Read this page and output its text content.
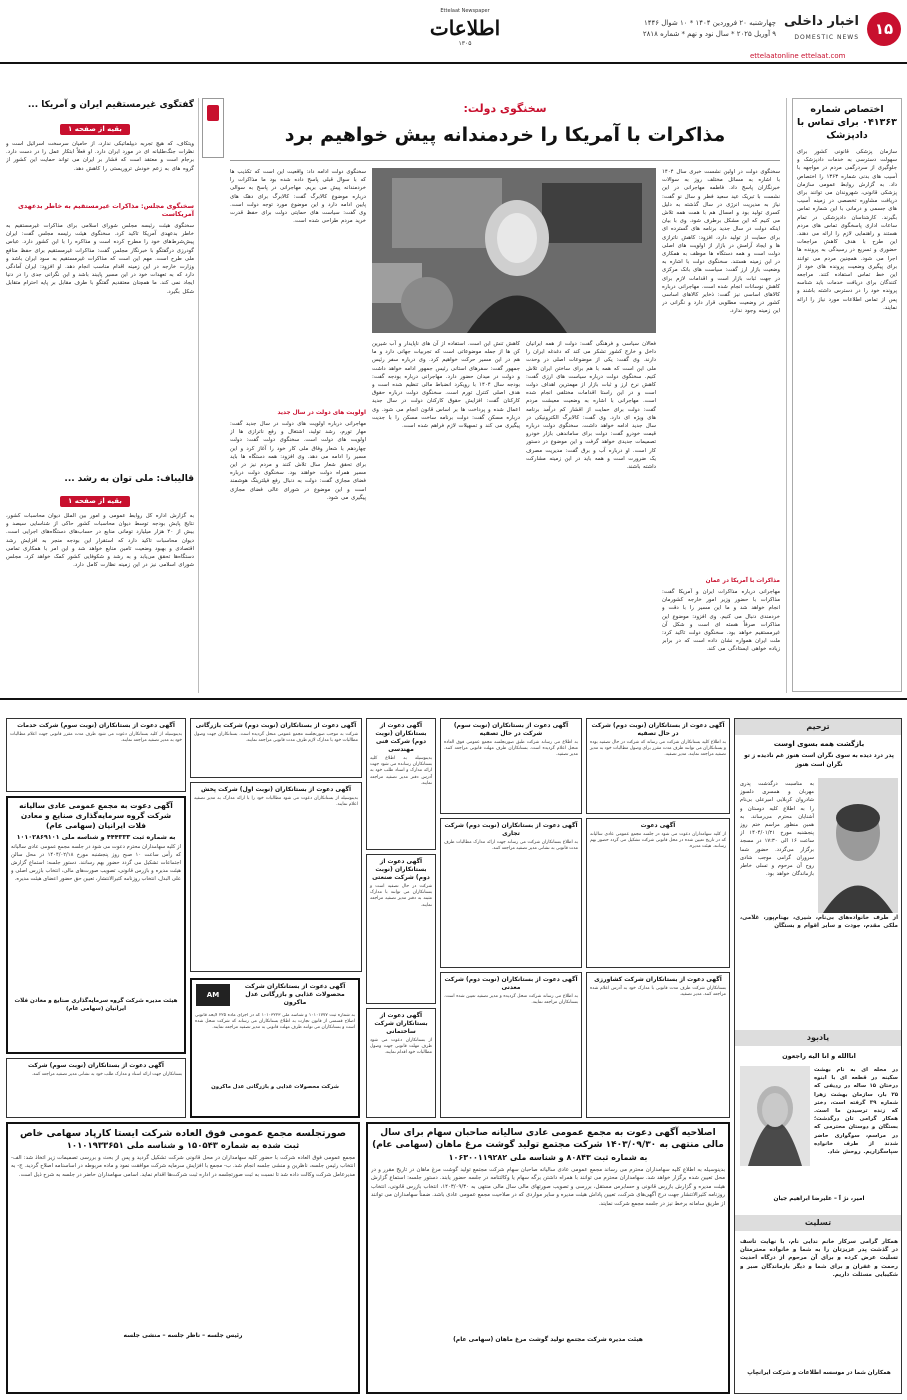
۱۵
اخبار داخلی
DOMESTIC NEWS
Ettelaat Newspaper
اطلاعات
۱۳۰۵
چهارشنبه ۲۰ فروردین ۱۴۰۴ * ۱۰ شوال ۱۴۴۶
۹ آوریل ۲۰۲۵ * سال نود و نهم * شماره ۲۸۱۸
ettelaatonline ettelaat.com
گفتگوی غیرمستقیم ایران و آمریکا ...
بقیه از صفحه ۱
ویتکاف، که هیچ تجربه دیپلماتیکی ندارد، از حامیان سرسخت اسرائیل است و نظرات جنگ‌طلبانه ای در مورد ایران دارد. او فعلاً ابتکار عمل را در دست دارد. برجام است و معتقد است که فشار بر ایران می تواند حمایت این کشور از گروه های به زعم خودش تروریستی را کاهش دهد.
سخنگوی مجلس: مذاکرات غیرمستقیم به خاطر بدعهدی آمریکاست
سخنگوی هیئت رئیسه مجلس شورای اسلامی برای مذاکرات غیرمستقیم به خاطر بدعهدی آمریکا تاکید کرد. سخنگوی هیئت رئیسه مجلس گفت: ایران پیش‌شرط‌های خود را مطرح کرده است و مذاکره را با این کشور دارد. عباس گودرزی درگفتگو با خبرنگار مجلس گفت: مذاکرات غیرمستقیم برای حفظ منافع ملی طرح است. مهم این است که مذاکرات غیرمستقیم به سود ایران باشد و وزارت خارجه در این زمینه اقدام مناسب انجام دهد. او افزود: ایران آمادگی دارد که به تعهدات خود در این مسیر پایبند باشد و این نگرانی جدی را در دنیا ایجاد نمی کند. ما همچنان معتقدیم گفتگو با طرف مقابل بر پایه احترام متقابل شکل بگیرد.
قالیباف: ملی توان به رشد ...
بقیه از صفحه ۱
به گزارش اداره کل روابط عمومی و امور بین الملل دیوان محاسبات کشور، نتایج پایش بودجه توسط دیوان محاسبات کشور حاکی از شناسایی سیصد و بیش از ۲۰ هزار میلیارد تومانی منابع در حساب‌های دستگاه‌های اجرایی است. دیوان محاسبات تاکید دارد که استقرار این بودجه منجر به افزایش رشد اقتصادی و بهبود وضعیت تامین منابع خواهد شد و این امر با همکاری تمامی دستگاه‌ها تحقق می‌یابد و به رشد و شکوفایی کشور کمک خواهد کرد. مجلس شورای اسلامی نیز در این زمینه نظارت کامل دارد.
سخنگوی دولت:
مذاکرات با آمریکا را خردمندانه پیش خواهیم برد
سخنگوی دولت در اولین نشست خبری سال ۱۴۰۴ با اشاره به مسائل مختلف روز به سوالات خبرنگاران پاسخ داد. فاطمه مهاجرانی در این نشست با تبریک عید سعید فطر و سال نو گفت: نیاز به مدیریت انرژی در سال گذشته به دلیل کسری تولید بود و امسال هم با همت همه تلاش می کنیم که این مشکل برطرف شود. وی با بیان اینکه دولت در سال جدید برنامه های گسترده ای برای حمایت از تولید دارد، افزود: کاهش ناترازی ها و ایجاد آرامش در بازار از اولویت های اصلی دولت است و همه دستگاه ها موظف به همکاری در این زمینه هستند. سخنگوی دولت با اشاره به وضعیت بازار ارز گفت: سیاست های بانک مرکزی در جهت ثبات بازار است و اقدامات لازم برای کاهش نوسانات انجام شده است. مهاجرانی درباره کالاهای اساسی نیز گفت: ذخایر کالاهای اساسی کشور در وضعیت مطلوبی قرار دارد و نگرانی در این زمینه وجود ندارد.
مذاکرات با آمریکا در عمان
مهاجرانی درباره مذاکرات ایران و آمریکا گفت: مذاکرات با حضور وزیر امور خارجه کشورمان انجام خواهد شد و ما این مسیر را با دقت و خردمندی دنبال می کنیم. وی افزود: موضوع این مذاکرات صرفاً هسته ای است و شکل آن غیرمستقیم خواهد بود. سخنگوی دولت تاکید کرد: ملت ایران همواره نشان داده است که در برابر زیاده خواهی ایستادگی می کند.
فعالان سیاسی و فرهنگی گفت: دولت از همه ایرانیان داخل و خارج کشور تشکر می کند که دغدغه ایران را دارند. وی گفت: یکی از موضوعات اصلی در وحدت ملی این است که همه با هم برای ساختن ایران تلاش کنیم. سخنگوی دولت درباره سیاست های ارزی گفت: کاهش نرخ ارز و ثبات بازار از مهمترین اهداف دولت است و در این راستا اقدامات مختلفی انجام شده است. مهاجرانی با اشاره به وضعیت معیشت مردم گفت: دولت برای حمایت از اقشار کم درآمد برنامه های ویژه ای دارد. وی گفت: کالابرگ الکترونیکی در سال جدید ادامه خواهد داشت. سخنگوی دولت درباره قیمت خودرو گفت: دولت برای ساماندهی بازار خودرو تصمیمات جدیدی خواهد گرفت و این موضوع در دستور کار است. او درباره آب و برق گفت: مدیریت مصرف یک ضرورت است و همه باید در این زمینه مشارکت داشته باشند.
کاهش تنش این است. استفاده از آن های ناپایدار و آب شیرین کن ها از جمله موضوعاتی است که تجربیات جهانی دارد و ما هم در این مسیر حرکت خواهیم کرد. وی درباره سفر رئیس جمهور گفت: سفرهای استانی رئیس جمهور ادامه خواهد داشت و دولت در میدان حضور دارد. مهاجرانی درباره بودجه گفت: بودجه سال ۱۴۰۴ با رویکرد انضباط مالی تنظیم شده است و هدف اصلی کنترل تورم است. سخنگوی دولت درباره حقوق کارکنان گفت: افزایش حقوق کارکنان دولت در سال جدید اعمال شده و پرداخت ها بر اساس قانون انجام می شود. وی درباره مسکن گفت: دولت برنامه ساخت مسکن را با جدیت پیگیری می کند و تسهیلات لازم فراهم شده است.
سخنگوی دولت ادامه داد: واقعیت این است که تکذیب ها که با سوال قبلی پاسخ داده شده بود ما مذاکرات را خردمندانه پیش می بریم. مهاجرانی در پاسخ به سوالی درباره موضوع کالابرگ گفت: کالابرگ برای دهک های پایین ادامه دارد و این موضوع مورد توجه دولت است. وی گفت: سیاست های حمایتی دولت برای حفظ قدرت خرید مردم طراحی شده است.
اولویت های دولت در سال جدید
مهاجرانی درباره اولویت های دولت در سال جدید گفت: مهار تورم، رشد تولید، اشتغال و رفع ناترازی ها از اولویت های دولت است. سخنگوی دولت گفت: دولت چهاردهم با شعار وفاق ملی کار خود را آغاز کرد و این مسیر را ادامه می دهد. وی افزود: همه دستگاه ها باید برای تحقق شعار سال تلاش کنند و مردم نیز در این مسیر همراه دولت خواهند بود. سخنگوی دولت درباره فضای مجازی گفت: دولت به دنبال رفع فیلترینگ هوشمند است و این موضوع در شورای عالی فضای مجازی پیگیری می شود.
اختصاص شماره ۰۴۱۳۶۳ برای تماس با دادپزشک
سازمان پزشکی قانونی کشور برای سهولت دسترسی به خدمات دادپزشک و جلوگیری از سردرگمی مردم در مواجهه با آسیب های بدنی شماره ۱۳۶۳ را اختصاص داد. به گزارش روابط عمومی سازمان پزشکی قانونی، شهروندان می توانند برای دریافت مشاوره تخصصی در زمینه آسیب های جسمی و درمانی با این شماره تماس بگیرند. کارشناسان دادپزشکی در تمام ساعات اداری پاسخگوی تماس های مردم هستند و راهنمایی لازم را ارائه می دهند. این طرح با هدف کاهش مراجعات حضوری و تسریع در رسیدگی به پرونده ها اجرا می شود. همچنین مردم می توانند برای پیگیری وضعیت پرونده های خود از این خط تماس استفاده کنند. مراجعه کنندگان برای دریافت خدمات باید شناسه پرونده خود را در دسترس داشته باشند و پس از تماس اطلاعات مورد نیاز را ارائه نمایند.
ترحیم
بازگشت همه بسوی اوست
پدر درد دیده به سوی نگران است هنوز غم نادیده ز تو نگران است هنوز
به مناسبت درگذشت پدری مهربان و همسری دلسوز شادروان کربلایی امیرعلی بی‌نام را به اطلاع کلیه دوستان و آشنایان محترم می‌رساند. به همین منظور مراسم ختم روز پنجشنبه مورخ ۱۴۰۴/۰۱/۲۱ از ساعت ۱۶ الی ۱۷:۳۰ در مسجد برگزار می‌گردد. حضور شما سروران گرامی موجب شادی روح آن مرحوم و تسلی خاطر بازماندگان خواهد بود.
از طرف خانواده‌های بی‌نام، شیری، بهنام‌پور، غلامی، ملکی مقدم، جودت و سایر اقوام و بستگان
یادبود
اناالله و انا الیه راجعون
در محله ای به نام بهشت سکینه در قطعه ای با ابنوه درختان ۱۵ ساله در ردیفی که ۲۵ بار، سازمان بهشت زهرا شماره ۳۹ گرفته است، دختر که زنده ترسیدن ما است. همکار گرامی تان درگذشت؛ بستگان و دوستان محترمی که در مراسم، سوگواری حاضر شدند از طرف خانواده سپاسگزاریم. روحش شاد.
امیر، نژ آ – علیرضا ابراهیم جیان
تسلیت
همکار گرامی سرکار خانم ندایی نام، با نهایت تاسف در گذشت پدر عزیزتان را به شما و خانواده محترمتان تسلیت عرض کرده و برای آن مرحوم از درگاه احدیت رحمت و غفران و برای شما و دیگر بازماندگان صبر و شکیبایی مسئلت داریم.
همکاران شما در موسسه اطلاعات و شرکت ایرانچاپ
آگهی دعوت از بستانکاران (نوبت دوم) شرکت در حال تصفیه
به اطلاع کلیه بستانکاران شرکت می رساند که شرکت در حال تصفیه بوده و بستانکاران می توانند ظرف مدت مقرر برای وصول مطالبات خود به مدیر تصفیه مراجعه نمایند. مدیر تصفیه.
آگهی دعوت از بستانکاران (نوبت سوم) شرکت در حال تصفیه
به اطلاع می رساند شرکت طبق صورتجلسه مجمع عمومی فوق العاده منحل اعلام گردیده است. بستانکاران ظرف مهلت قانونی مراجعه کنند. مدیر تصفیه.
آگهی دعوت از بستانکاران (نوبت دوم) شرکت فنی مهندسی
بدینوسیله به اطلاع کلیه بستانکاران رسانده می شود جهت ارائه مدارک و اسناد طلب خود به آدرس دفتر مدیر تصفیه مراجعه نمایند.
آگهی دعوت از بستانکاران (نوبت دوم) شرکت بازرگانی
شرکت به موجب صورتجلسه مجمع عمومی منحل گردیده است. بستانکاران جهت وصول مطالبات خود با مدارک لازم ظرف مدت قانونی مراجعه نمایند.
آگهی دعوت از بستانکاران (نوبت سوم) شرکت خدمات
بدینوسیله از کلیه بستانکاران دعوت می شود ظرف مدت مقرر قانونی جهت اعلام مطالبات خود به مدیر تصفیه مراجعه نمایند.
آگهی دعوت
از کلیه سهامداران دعوت می شود در جلسه مجمع عمومی عادی سالیانه که در تاریخ تعیین شده در محل قانونی شرکت تشکیل می گردد حضور بهم رسانند. هیئت مدیره.
آگهی دعوت از بستانکاران (نوبت دوم) شرکت تجاری
به اطلاع بستانکاران شرکت می رساند جهت ارائه مدارک مطالبات ظرف مدت قانونی به نشانی مدیر تصفیه مراجعه کنند.
آگهی دعوت از بستانکاران (نوبت دوم) شرکت صنعتی
شرکت در حال تصفیه است و بستانکاران می توانند با مدارک مثبته به دفتر مدیر تصفیه مراجعه نمایند.
آگهی دعوت از بستانکاران (نوبت اول) شرکت پخش
بدینوسیله از بستانکاران دعوت می شود مطالبات خود را با ارائه مدارک به مدیر تصفیه اعلام نمایند.
آگهی دعوت از بستانکاران شرکت کشاورزی
بستانکاران شرکت ظرف مدت قانونی با مدارک خود به آدرس اعلام شده مراجعه کنند. مدیر تصفیه.
آگهی دعوت از بستانکاران (نوبت دوم) شرکت معدنی
به اطلاع می رساند شرکت منحل گردیده و مدیر تصفیه تعیین شده است. بستانکاران مراجعه نمایند.
آگهی دعوت از بستانکاران شرکت ساختمانی
از بستانکاران دعوت می شود ظرف مهلت قانونی جهت وصول مطالبات خود اقدام نمایند.
آگهی دعوت از بستانکاران (نوبت سوم) شرکت
بستانکاران جهت ارائه اسناد و مدارک طلب خود به نشانی مدیر تصفیه مراجعه کنند.
آگهی دعوت به مجمع عمومی عادی سالیانه شرکت گروه سرمایه‌گذاری صنایع و معادن فلات ایرانیان (سهامی عام)
به شماره ثبت ۴۴۴۳۳۳ و شناسه ملی ۱۰۱۰۲۸۶۹۱۰۱
از کلیه سهامداران محترم دعوت می شود در جلسه مجمع عمومی عادی سالیانه که رأس ساعت ۱۰ صبح روز پنجشنبه مورخ ۱۴۰۴/۰۲/۱۸ در محل سالن اجتماعات تشکیل می گردد حضور بهم رسانند. دستور جلسه: استماع گزارش هیئت مدیره و بازرس قانونی، تصویب صورت‌های مالی، انتخاب بازرس اصلی و علی البدل، انتخاب روزنامه کثیرالانتشار، تعیین حق حضور اعضای هیئت مدیره.
هیئت مدیره شرکت گروه سرمایه‌گذاری صنایع و معادن فلات ایرانیان (سهامی عام)
AM
آگهی دعوت از بستانکاران شرکت محصولات غذایی و بازرگانی عدل ماکرون
به شماره ثبت ۱۰۱۰۱۷۷۷ و شناسه ملی ۱۰۱۰۳۲۲۳ که در اجرای ماده ۲۲۵ لایحه قانونی اصلاح قسمتی از قانون تجارت به اطلاع بستانکاران می رساند که شرکت منحل شده است و بستانکاران می توانند ظرف مهلت قانونی به مدیر تصفیه مراجعه نمایند.
شرکت محصولات غذایی و بازرگانی عدل ماکرون
اصلاحیه آگهی دعوت به مجمع عمومی عادی سالیانه صاحبان سهام برای سال مالی منتهی به ۱۴۰۳/۰۹/۳۰ شرکت مجتمع تولید گوشت مرغ ماهان (سهامی عام)
به شماره ثبت ۸۰۸۴۳ و شناسه ملی ۱۰۶۳۰۰۱۱۹۲۸۲
بدینوسیله به اطلاع کلیه سهامداران محترم می رساند مجمع عمومی عادی سالیانه صاحبان سهام شرکت مجتمع تولید گوشت مرغ ماهان در تاریخ مقرر و در محل تعیین شده برگزار خواهد شد. سهامداران محترم می توانند با همراه داشتن برگه سهام یا وکالتنامه در جلسه حضور یابند. دستور جلسه: استماع گزارش هیئت مدیره و گزارش بازرس قانونی و حسابرس مستقل، بررسی و تصویب صورتهای مالی سال مالی منتهی به ۱۴۰۳/۰۹/۳۰، انتخاب بازرس قانونی، انتخاب روزنامه کثیرالانتشار جهت درج آگهی‌های شرکت، تعیین پاداش هیئت مدیره و سایر مواردی که در صلاحیت مجمع عمومی عادی باشد. ضمناً سهامداران می توانند از طریق سامانه برخط نیز در جلسه مجمع شرکت نمایند.
هیئت مدیره شرکت مجتمع تولید گوشت مرغ ماهان (سهامی عام)
صورتجلسه مجمع عمومی فوق العاده شرکت ایستا کارپاد سهامی خاص
ثبت شده به شماره ۱۵۰۵۴۳ و شناسه ملی ۱۰۱۰۱۹۳۳۶۵۱
مجمع عمومی فوق العاده شرکت با حضور کلیه سهامداران در محل قانونی شرکت تشکیل گردید و پس از بحث و بررسی تصمیمات زیر اتخاذ شد: الف- انتخاب رئیس جلسه، ناظرین و منشی جلسه انجام شد. ب- مجمع با افزایش سرمایه شرکت موافقت نمود و ماده مربوطه در اساسنامه اصلاح گردید. ج- به مدیرعامل شرکت وکالت داده شد تا نسبت به ثبت صورتجلسه در اداره ثبت شرکت‌ها اقدام نماید. اسامی سهامداران حاضر در جلسه به شرح ذیل است.
رئیس جلسه – ناظر جلسه – منشی جلسه
